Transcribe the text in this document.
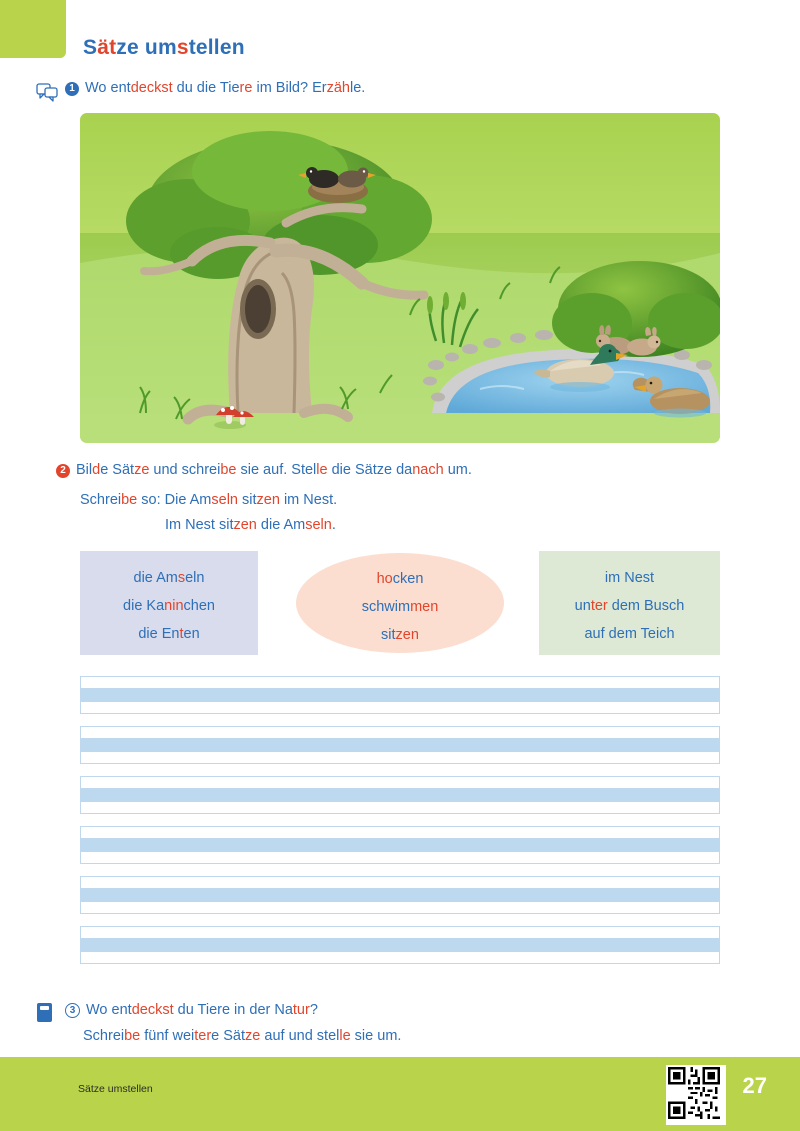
Sätze umstellen
1 Wo entdeckst du die Tiere im Bild? Erzähle.
2 Bilde Sätze und schreibe sie auf. Stelle die Sätze danach um.
Schreibe so: Die Amseln sitzen im Nest.
Im Nest sitzen die Amseln.
die Amseln
die Kaninchen
die Enten
hocken
schwimmen
sitzen
im Nest
unter dem Busch
auf dem Teich
3 Wo entdeckst du Tiere in der Natur?
Schreibe fünf weitere Sätze auf und stelle sie um.
Sätze umstellen	27
